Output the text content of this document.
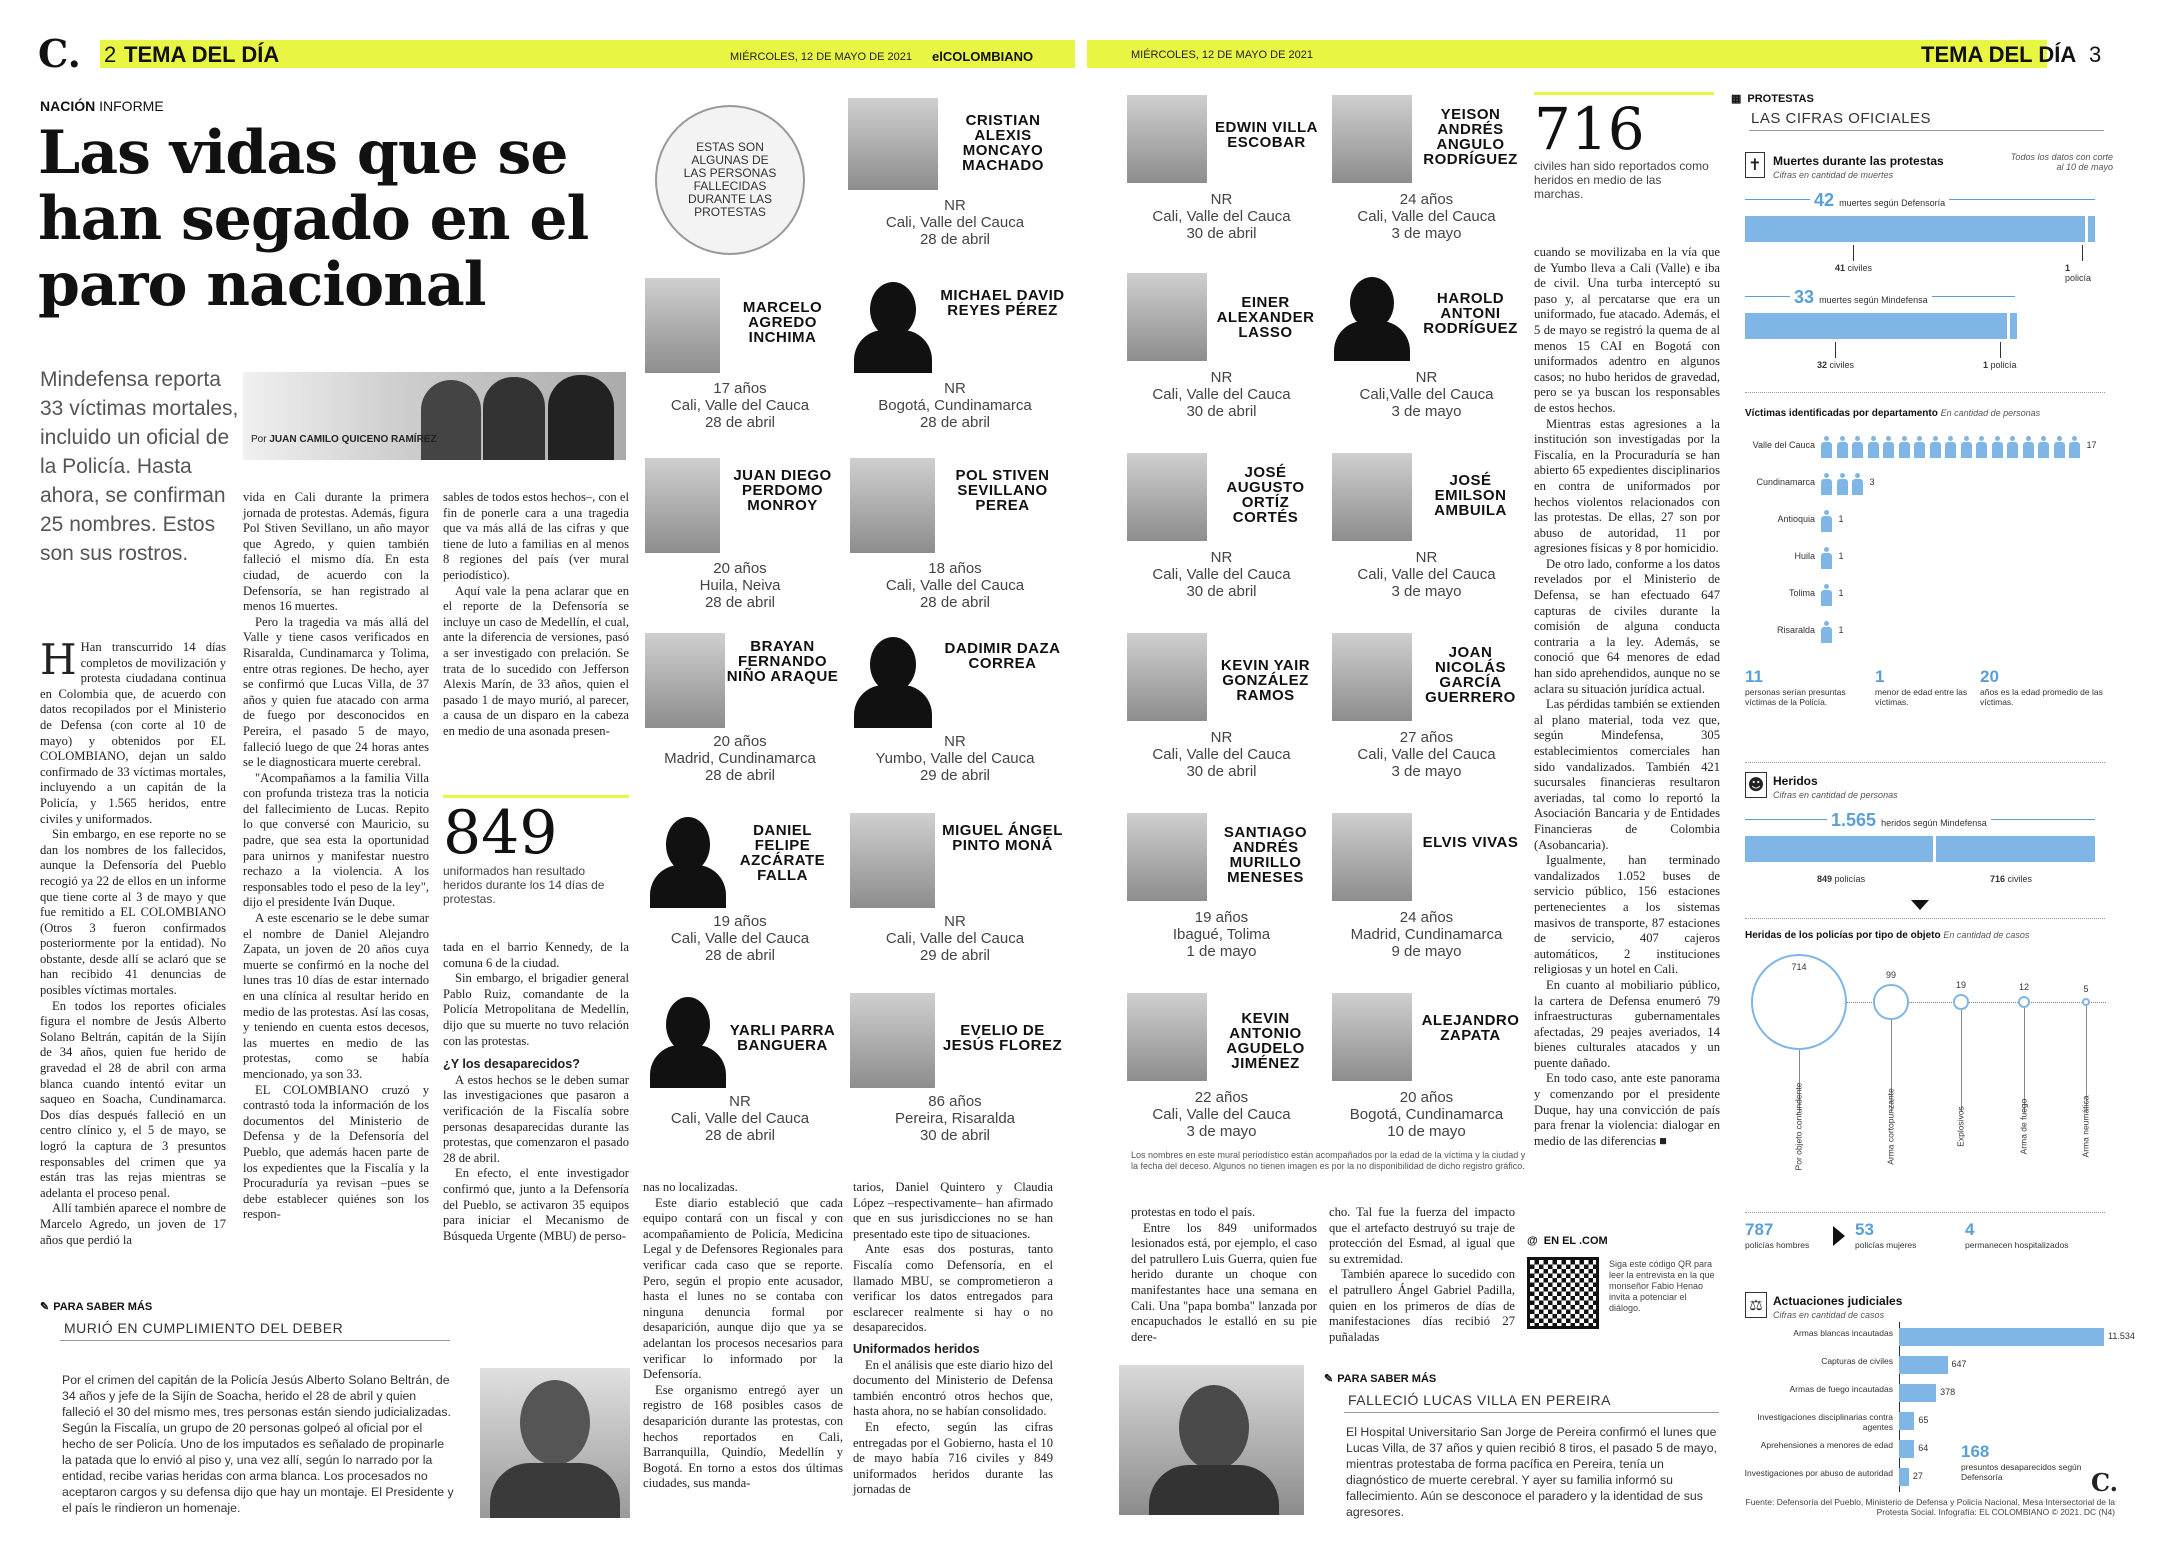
C. 2 TEMA DEL DÍA	MIÉRCOLES, 12 DE MAYO DE 2021 elCOLOMBIANO
NACIÓN INFORME
Las vidas que se han segado en el paro nacional
Mindefensa reporta 33 víctimas mortales, incluido un oficial de la Policía. Hasta ahora, se confirman 25 nombres. Estos son sus rostros.
Por JUAN CAMILO QUICENO RAMÍREZ

H Han transcurrido 14 días completos de movilización y protesta ciudadana continua en Colombia que, de acuerdo con datos recopilados por el Ministerio de Defensa (con corte al 10 de mayo) y obtenidos por EL COLOMBIANO, dejan un saldo confirmado de 33 víctimas mortales, incluyendo a un capitán de la Policía, y 1.565 heridos, entre civiles y uniformados.

Sin embargo, en ese reporte no se dan los nombres de los fallecidos, aunque la Defensoría del Pueblo recogió ya 22 de ellos en un informe que tiene corte al 3 de mayo y que fue remitido a EL COLOMBIANO (Otros 3 fueron confirmados posteriormente por la entidad). No obstante, desde allí se aclaró que se han recibido 41 denuncias de posibles víctimas mortales.

En todos los reportes oficiales figura el nombre de Jesús Alberto Solano Beltrán, capitán de la Sijín de 34 años, quien fue herido de gravedad el 28 de abril con arma blanca cuando intentó evitar un saqueo en Soacha, Cundinamarca. Dos días después falleció en un centro clínico y, el 5 de mayo, se logró la captura de 3 presuntos responsables del crimen que ya están tras las rejas mientras se adelanta el proceso penal.

Allí también aparece el nombre de Marcelo Agredo, un joven de 17 años que perdió la

vida en Cali durante la primera jornada de protestas. Además, figura Pol Stiven Sevillano, un año mayor que Agredo, y quien también falleció el mismo día. En esta ciudad, de acuerdo con la Defensoría, se han registrado al menos 16 muertes.

Pero la tragedia va más allá del Valle y tiene casos verificados en Risaralda, Cundinamarca y Tolima, entre otras regiones. De hecho, ayer se confirmó que Lucas Villa, de 37 años y quien fue atacado con arma de fuego por desconocidos en Pereira, el pasado 5 de mayo, falleció luego de que 24 horas antes se le diagnosticara muerte cerebral.

"Acompañamos a la familia Villa con profunda tristeza tras la noticia del fallecimiento de Lucas. Repito lo que conversé con Mauricio, su padre, que sea esta la oportunidad para unirnos y manifestar nuestro rechazo a la violencia. A los responsables todo el peso de la ley", dijo el presidente Iván Duque.

A este escenario se le debe sumar el nombre de Daniel Alejandro Zapata, un joven de 20 años cuya muerte se confirmó en la noche del lunes tras 10 días de estar internado en una clínica al resultar herido en medio de las protestas. Así las cosas, y teniendo en cuenta estos decesos, las muertes en medio de las protestas, como se había mencionado, ya son 33.

EL COLOMBIANO cruzó y contrastó toda la información de los documentos del Ministerio de Defensa y de la Defensoría del Pueblo, que además hacen parte de los expedientes que la Fiscalía y la Procuraduría ya revisan –pues se debe establecer quiénes son los respon-

sables de todos estos hechos–, con el fin de ponerle cara a una tragedia que va más allá de las cifras y que tiene de luto a familias en al menos 8 regiones del país (ver mural periodístico).

Aquí vale la pena aclarar que en el reporte de la Defensoría se incluye un caso de Medellín, el cual, ante la diferencia de versiones, pasó a ser investigado con prelación. Se trata de lo sucedido con Jefferson Alexis Marín, de 33 años, quien el pasado 1 de mayo murió, al parecer, a causa de un disparo en la cabeza en medio de una asonada presen-

849
uniformados han resultado heridos durante los 14 días de protestas.

tada en el barrio Kennedy, de la comuna 6 de la ciudad.

Sin embargo, el brigadier general Pablo Ruiz, comandante de la Policía Metropolitana de Medellín, dijo que su muerte no tuvo relación con las protestas.

¿Y los desaparecidos?

A estos hechos se le deben sumar las investigaciones que pasaron a verificación de la Fiscalía sobre personas desaparecidas durante las protestas, que comenzaron el pasado 28 de abril.

En efecto, el ente investigador confirmó que, junto a la Defensoría del Pueblo, se activaron 35 equipos para iniciar el Mecanismo de Búsqueda Urgente (MBU) de perso-

ESTAS SON ALGUNAS DE LAS PERSONAS FALLECIDAS DURANTE LAS PROTESTAS
CRISTIAN ALEXIS MONCAYO MACHADO
NR
Cali, Valle del Cauca
28 de abril
MARCELO AGREDO INCHIMA
17 años
Cali, Valle del Cauca
28 de abril
MICHAEL DAVID REYES PÉREZ
NR
Bogotá, Cundinamarca
28 de abril
JUAN DIEGO PERDOMO MONROY
20 años
Huila, Neiva
28 de abril
POL STIVEN SEVILLANO PEREA
18 años
Cali, Valle del Cauca
28 de abril
BRAYAN FERNANDO NIÑO ARAQUE
20 años
Madrid, Cundinamarca
28 de abril
DADIMIR DAZA CORREA
NR
Yumbo, Valle del Cauca
29 de abril
DANIEL FELIPE AZCÁRATE FALLA
19 años
Cali, Valle del Cauca
28 de abril
MIGUEL ÁNGEL PINTO MONÁ
NR
Cali, Valle del Cauca
29 de abril
YARLI PARRA BANGUERA
NR
Cali, Valle del Cauca
28 de abril
EVELIO DE JESÚS FLOREZ
86 años
Pereira, Risaralda
30 de abril

nas no localizadas.

Este diario estableció que cada equipo contará con un fiscal y con acompañamiento de Policía, Medicina Legal y de Defensores Regionales para verificar cada caso que se reporte. Pero, según el propio ente acusador, hasta el lunes no se contaba con ninguna denuncia formal por desaparición, aunque dijo que ya se adelantan los procesos necesarios para verificar lo informado por la Defensoría.

Ese organismo entregó ayer un registro de 168 posibles casos de desaparición durante las protestas, con hechos reportados en Cali, Barranquilla, Quindío, Medellín y Bogotá. En torno a estos dos últimas ciudades, sus manda-

tarios, Daniel Quintero y Claudia López –respectivamente– han afirmado que en sus jurisdicciones no se han presentado este tipo de situaciones.

Ante esas dos posturas, tanto Fiscalía como Defensoría, en el llamado MBU, se comprometieron a verificar los datos entregados para esclarecer realmente si hay o no desaparecidos.

Uniformados heridos

En el análisis que este diario hizo del documento del Ministerio de Defensa también encontró otros hechos que, hasta ahora, no se habían consolidado.

En efecto, según las cifras entregadas por el Gobierno, hasta el 10 de mayo había 716 civiles y 849 uniformados heridos durante las jornadas de

✎ PARA SABER MÁS
MURIÓ EN CUMPLIMIENTO DEL DEBER
Por el crimen del capitán de la Policía Jesús Alberto Solano Beltrán, de 34 años y jefe de la Sijín de Soacha, herido el 28 de abril y quien falleció el 30 del mismo mes, tres personas están siendo judicializadas. Según la Fiscalía, un grupo de 20 personas golpeó al oficial por el hecho de ser Policía. Uno de los imputados es señalado de propinarle la patada que lo envió al piso y, una vez allí, según lo narrado por la entidad, recibe varias heridas con arma blanca. Los procesados no aceptaron cargos y su defensa dijo que hay un montaje. El Presidente y el país le rindieron un homenaje.
MIÉRCOLES, 12 DE MAYO DE 2021	TEMA DEL DÍA 3
EDWIN VILLA ESCOBAR
NR
Cali, Valle del Cauca
30 de abril
YEISON ANDRÉS ANGULO RODRÍGUEZ
24 años
Cali, Valle del Cauca
3 de mayo
EINER ALEXANDER LASSO
NR
Cali, Valle del Cauca
30 de abril
HAROLD ANTONI RODRÍGUEZ
NR
Cali,Valle del Cauca
3 de mayo
JOSÉ AUGUSTO ORTÍZ CORTÉS
NR
Cali, Valle del Cauca
30 de abril
JOSÉ EMILSON AMBUILA
NR
Cali, Valle del Cauca
3 de mayo
KEVIN YAIR GONZÁLEZ RAMOS
NR
Cali, Valle del Cauca
30 de abril
JOAN NICOLÁS GARCÍA GUERRERO
27 años
Cali, Valle del Cauca
3 de mayo
SANTIAGO ANDRÉS MURILLO MENESES
19 años
Ibagué, Tolima
1 de mayo
ELVIS VIVAS
24 años
Madrid, Cundinamarca
9 de mayo
KEVIN ANTONIO AGUDELO JIMÉNEZ
22 años
Cali, Valle del Cauca
3 de mayo
ALEJANDRO ZAPATA
20 años
Bogotá, Cundinamarca
10 de mayo
Los nombres en este mural periodístico están acompañados por la edad de la víctima y la ciudad y la fecha del deceso. Algunos no tienen imagen es por la no disponibilidad de dicho registro gráfico.
716
civiles han sido reportados como heridos en medio de las marchas.

cuando se movilizaba en la vía que de Yumbo lleva a Cali (Valle) e iba de civil. Una turba interceptó su paso y, al percatarse que era un uniformado, fue atacado. Además, el 5 de mayo se registró la quema de al menos 15 CAI en Bogotá con uniformados adentro en algunos casos; no hubo heridos de gravedad, pero se ya buscan los responsables de estos hechos.

Mientras estas agresiones a la institución son investigadas por la Fiscalía, en la Procuraduría se han abierto 65 expedientes disciplinarios en contra de uniformados por hechos violentos relacionados con las protestas. De ellas, 27 son por abuso de autoridad, 11 por agresiones físicas y 8 por homicidio.

De otro lado, conforme a los datos revelados por el Ministerio de Defensa, se han efectuado 647 capturas de civiles durante la comisión de alguna conducta contraria a la ley. Además, se conoció que 64 menores de edad han sido aprehendidos, aunque no se aclara su situación jurídica actual.

Las pérdidas también se extienden al plano material, toda vez que, según Mindefensa, 305 establecimientos comerciales han sido vandalizados. También 421 sucursales financieras resultaron averiadas, tal como lo reportó la Asociación Bancaria y de Entidades Financieras de Colombia (Asobancaria).

Igualmente, han terminado vandalizados 1.052 buses de servicio público, 156 estaciones pertenecientes a los sistemas masivos de transporte, 87 estaciones de servicio, 407 cajeros automáticos, 2 instituciones religiosas y un hotel en Cali.

En cuanto al mobiliario público, la cartera de Defensa enumeró 79 infraestructuras gubernamentales afectadas, 29 peajes averiados, 14 bienes culturales atacados y un puente dañado.

En todo caso, ante este panorama y comenzando por el presidente Duque, hay una convicción de país para frenar la violencia: dialogar en medio de las diferencias ■

protestas en todo el país.

Entre los 849 uniformados lesionados está, por ejemplo, el caso del patrullero Luis Guerra, quien fue herido durante un choque con manifestantes hace una semana en Cali. Una "papa bomba" lanzada por encapuchados le estalló en su pie dere-

cho. Tal fue la fuerza del impacto que el artefacto destruyó su traje de protección del Esmad, al igual que su extremidad.

También aparece lo sucedido con el patrullero Ángel Gabriel Padilla, quien en los primeros de días de manifestaciones días recibió 27 puñaladas

@ EN EL .COM
Siga este código QR para leer la entrevista en la que monseñor Fabio Henao invita a potenciar el diálogo.
✎ PARA SABER MÁS
FALLECIÓ LUCAS VILLA EN PEREIRA
El Hospital Universitario San Jorge de Pereira confirmó el lunes que Lucas Villa, de 37 años y quien recibió 8 tiros, el pasado 5 de mayo, mientras protestaba de forma pacífica en Pereira, tenía un diagnóstico de muerte cerebral. Y ayer su familia informó su fallecimiento. Aún se desconoce el paradero y la identidad de sus agresores.
▦ PROTESTAS
LAS CIFRAS OFICIALES
Todos los datos con corte al 10 de mayo
✝ Muertes durante las protestas
Cifras en cantidad de muertes
42 muertes según Defensoría
41 civiles	1 policía
33 muertes según Mindefensa
32 civiles	1 policía
Víctimas identificadas por departamento En cantidad de personas
Valle del Cauca	17
Cundinamarca	3
Antioquia	1
Huila	1
Tolima	1
Risaralda	1
11
personas serían presuntas víctimas de la Policía.
1
menor de edad entre las víctimas.
20
años es la edad promedio de las víctimas.
☻ Heridos
Cifras en cantidad de personas
1.565 heridos según Mindefensa
849 policías	716 civiles
Heridas de los policías por tipo de objeto En cantidad de casos
714
Por objeto contundente
99
Arma cortopunzante
19
Explosivos
12
Arma de fuego
5
Arma neumática
787
policías hombres
53
policías mujeres
4
permanecen hospitalizados
⚖ Actuaciones judiciales
Cifras en cantidad de casos
Armas blancas incautadas	11.534
Capturas de civiles	647
Armas de fuego incautadas	378
Investigaciones disciplinarias contra agentes
65
Aprehensiones a menores de edad	64
Investigaciones por abuso de autoridad 27
168
presuntos desaparecidos según Defensoría	C.
Fuente: Defensoría del Pueblo, Ministerio de Defensa y Policía Nacional, Mesa Intersectorial de la Protesta Social. Infografía: EL COLOMBIANO © 2021. DC (N4)
